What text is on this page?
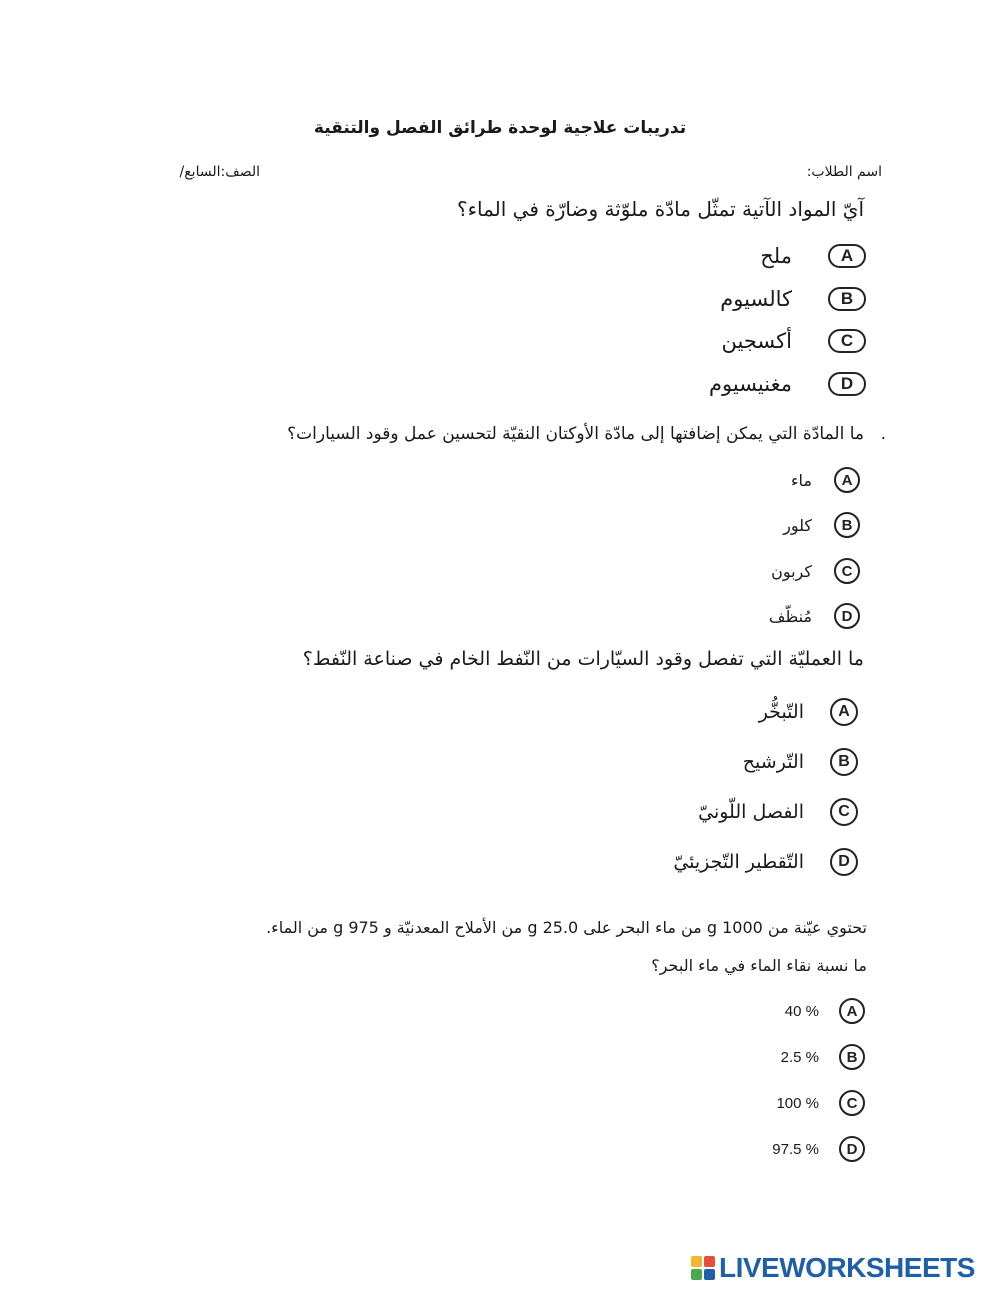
تدريبات علاجية لوحدة طرائق الفصل والتنقية
اسم الطلاب:
الصف:السابع/
آيّ المواد الآتية تمثّل مادّة ملوّثة وضارّة في الماء؟
A
ملح
B
كالسيوم
C
أكسجين
D
مغنيسيوم
.
ما المادّة التي يمكن إضافتها إلى مادّة الأوكتان النقيّة لتحسين عمل وقود السيارات؟
A
ماء
B
كلور
C
كربون
D
مُنظّف
ما العمليّة التي تفصل وقود السيّارات من النّفط الخام في صناعة النّفط؟
A
التّبخُّر
B
التّرشيح
C
الفصل اللّونيّ
D
التّقطير التّجزيئيّ
تحتوي عيّنة من 1000 g من ماء البحر على 25.0 g من الأملاح المعدنيّة و 975 g من الماء.
ما نسبة نقاء الماء في ماء البحر؟
A
40 %
B
2.5 %
C
100 %
D
97.5 %
LIVEWORKSHEETS
